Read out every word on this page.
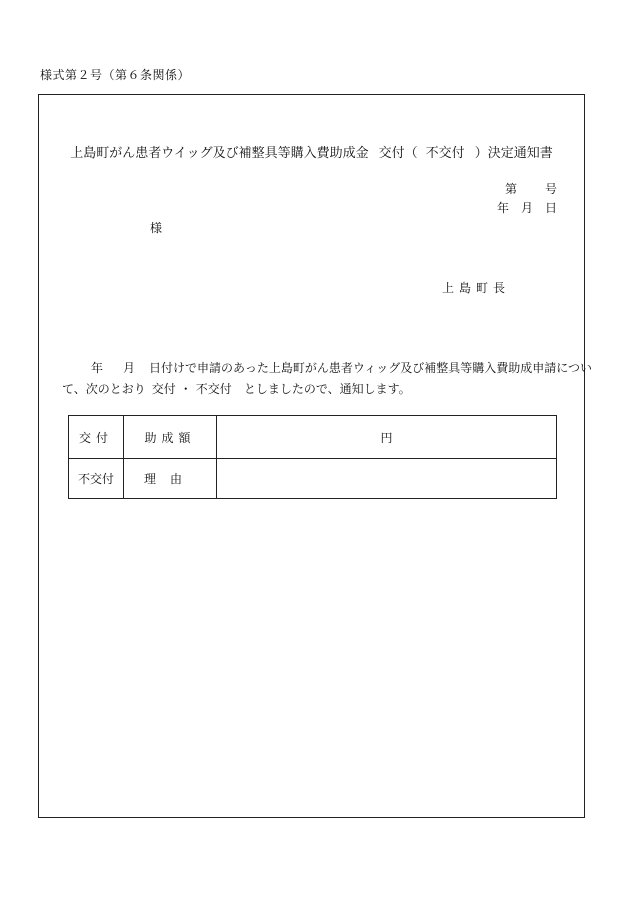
様式第２号（第６条関係）
上島町がん患者ウイッグ及び補整具等購入費助成金 交付（ 不交付 ）決定通知書
第 号
年 月 日
様
上島町長
年 月 日付けで申請のあった上島町がん患者ウィッグ及び補整具等購入費助成申請につい
て、次のとおり 交付 ・ 不交付 としましたので、通知します。
交付	助成額	円
不交付	理由	
